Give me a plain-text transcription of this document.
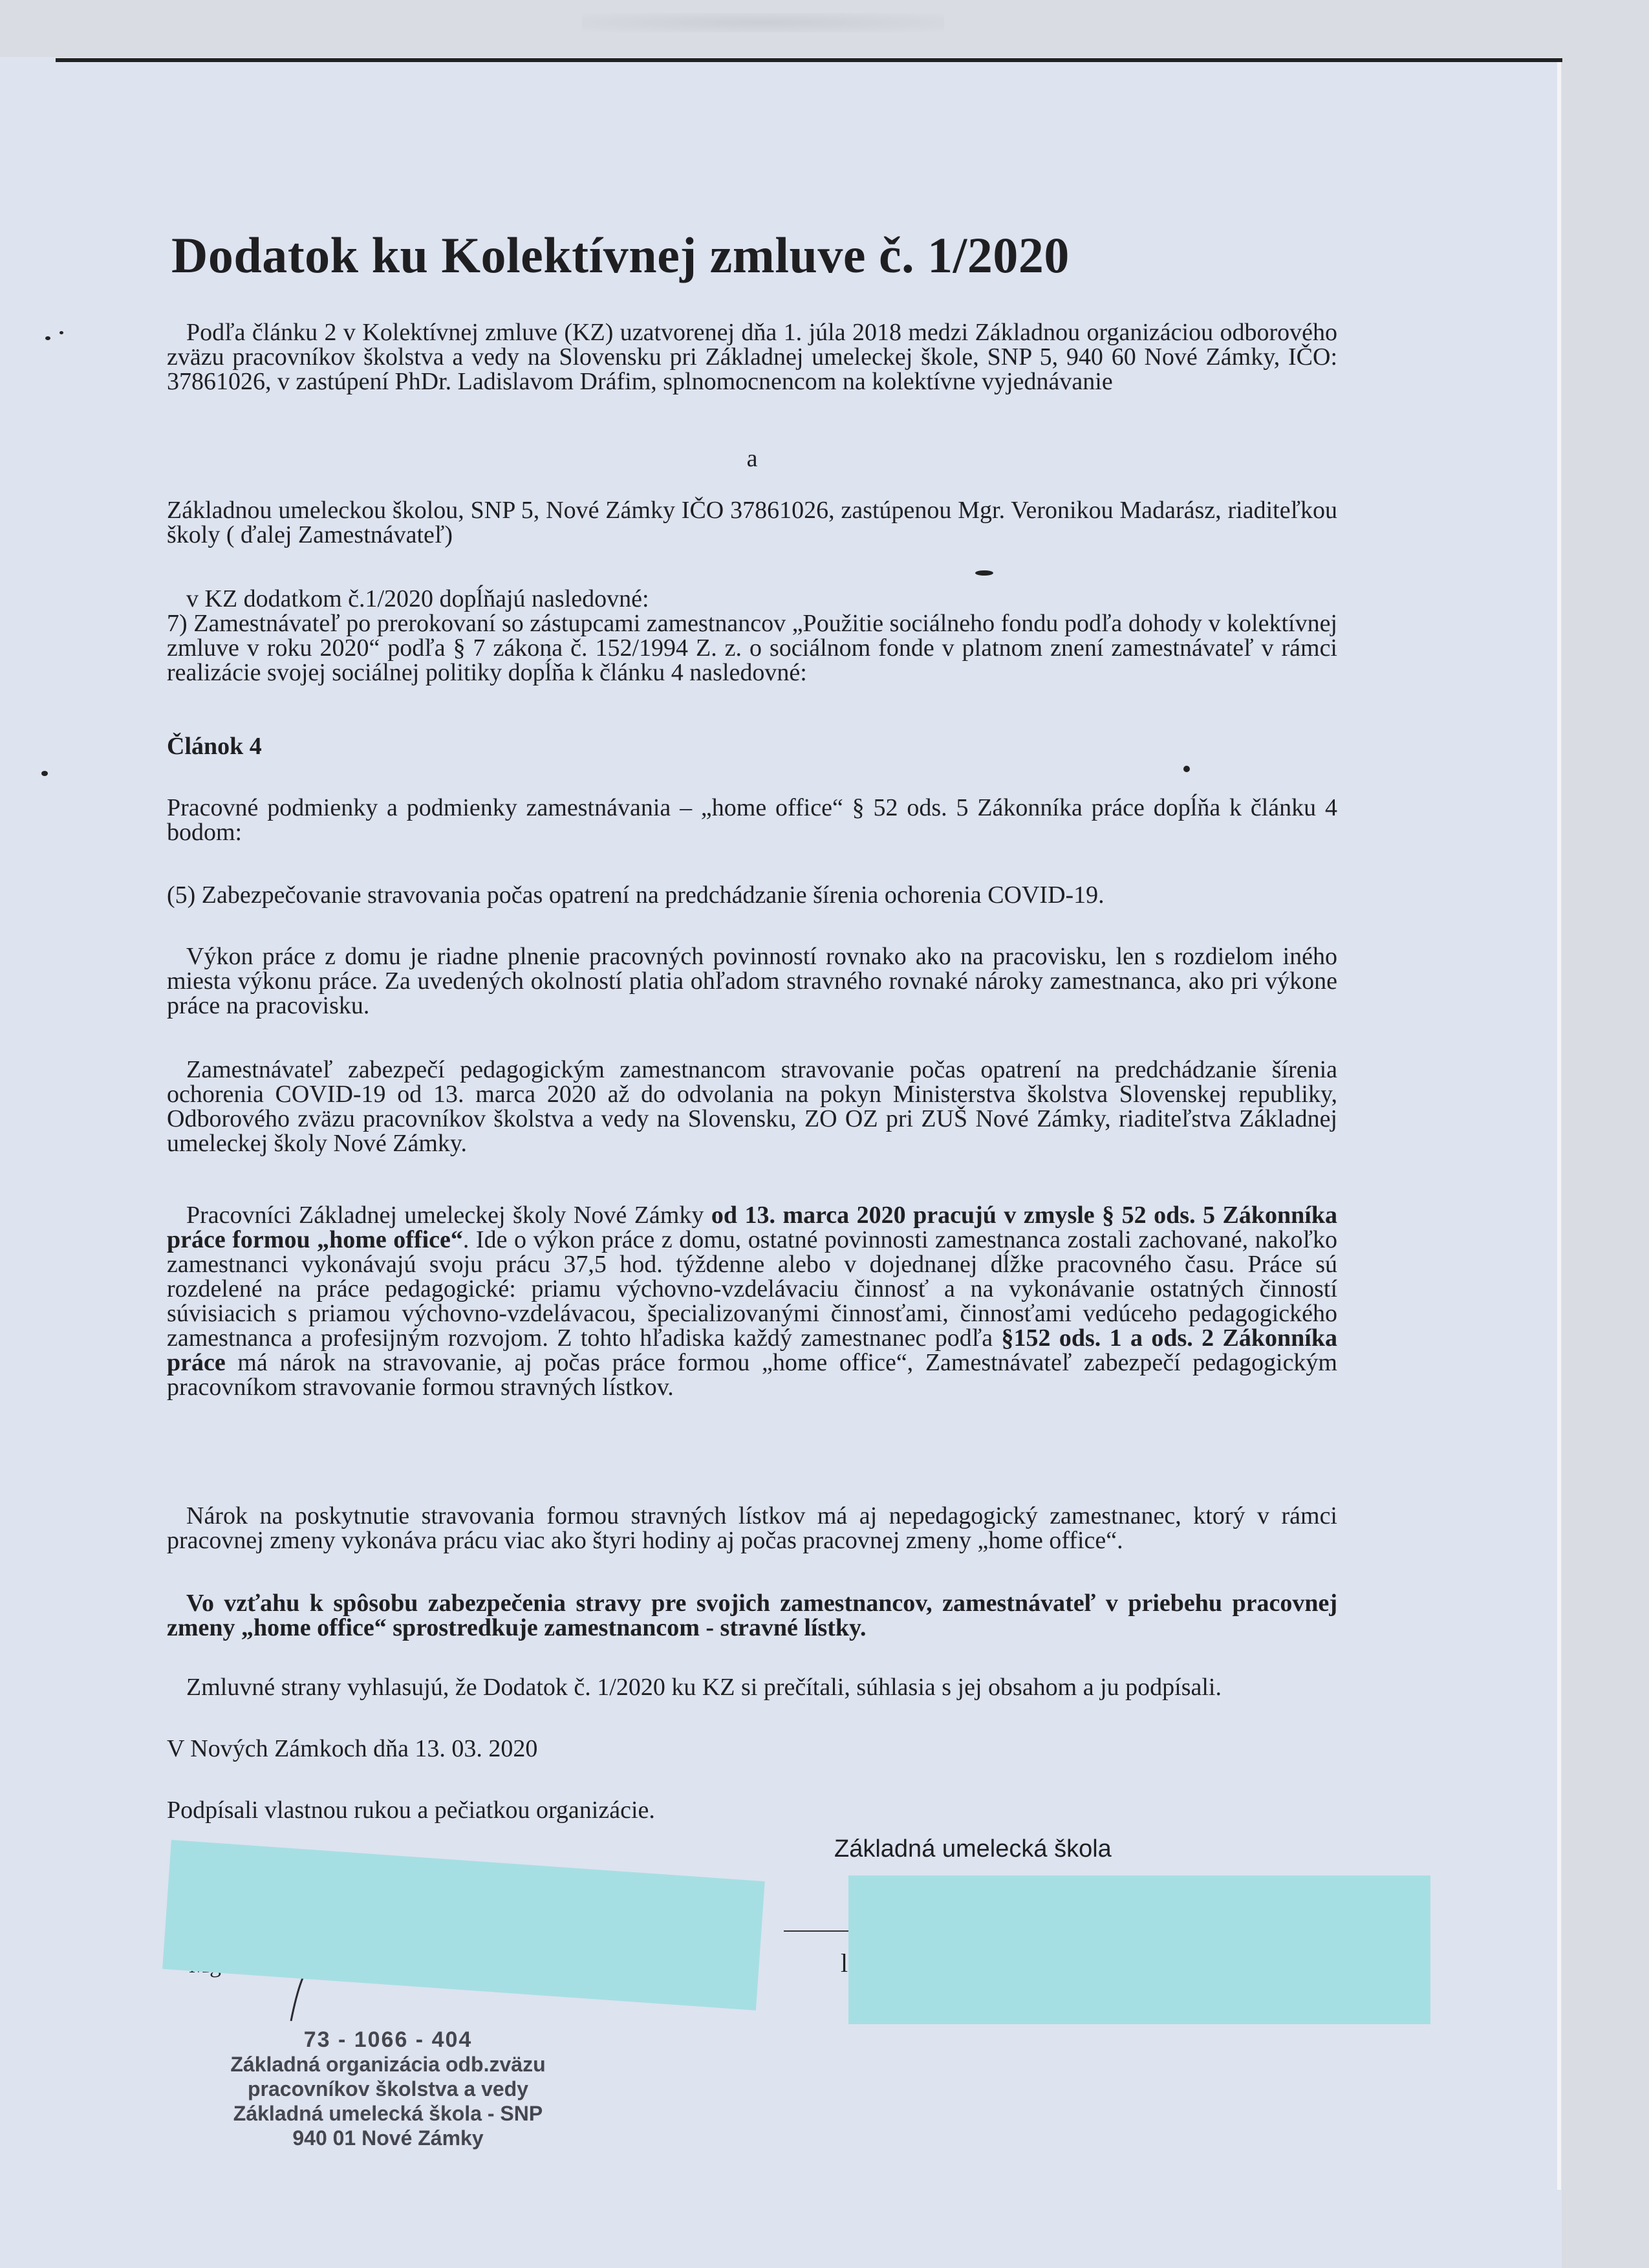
Dodatok ku Kolektívnej zmluve č. 1/2020
Podľa článku 2 v Kolektívnej zmluve (KZ) uzatvorenej dňa 1. júla 2018 medzi Základnou organizáciou odborového zväzu pracovníkov školstva a vedy na Slovensku pri Základnej umeleckej škole, SNP 5, 940 60 Nové Zámky, IČO: 37861026, v zastúpení PhDr. Ladislavom Dráfim, splnomocnencom na kolektívne vyjednávanie
a
Základnou umeleckou školou, SNP 5, Nové Zámky IČO 37861026, zastúpenou Mgr. Veronikou Madarász, riaditeľkou školy ( ďalej Zamestnávateľ)
v KZ dodatkom č.1/2020 dopĺňajú nasledovné:
7) Zamestnávateľ po prerokovaní so zástupcami zamestnancov „Použitie sociálneho fondu podľa dohody v kolektívnej zmluve v roku 2020“ podľa § 7 zákona č. 152/1994 Z. z. o sociálnom fonde v platnom znení zamestnávateľ v rámci realizácie svojej sociálnej politiky dopĺňa k článku 4 nasledovné:
Článok 4
Pracovné podmienky a podmienky zamestnávania – „home office“ § 52 ods. 5 Zákonníka práce dopĺňa k článku 4 bodom:
(5) Zabezpečovanie stravovania počas opatrení na predchádzanie šírenia ochorenia COVID-19.
Výkon práce z domu je riadne plnenie pracovných povinností rovnako ako na pracovisku, len s rozdielom iného miesta výkonu práce. Za uvedených okolností platia ohľadom stravného rovnaké nároky zamestnanca, ako pri výkone práce na pracovisku.
Zamestnávateľ zabezpečí pedagogickým zamestnancom stravovanie počas opatrení na predchádzanie šírenia ochorenia COVID-19 od 13. marca 2020 až do odvolania na pokyn Ministerstva školstva Slovenskej republiky, Odborového zväzu pracovníkov školstva a vedy na Slovensku, ZO OZ pri ZUŠ Nové Zámky, riaditeľstva Základnej umeleckej školy Nové Zámky.
Pracovníci Základnej umeleckej školy Nové Zámky od 13. marca 2020 pracujú v zmysle § 52 ods. 5 Zákonníka práce formou „home office“. Ide o výkon práce z domu, ostatné povinnosti zamestnanca zostali zachované, nakoľko zamestnanci vykonávajú svoju prácu 37,5 hod. týždenne alebo v dojednanej dĺžke pracovného času. Práce sú rozdelené na práce pedagogické: priamu výchovno-vzdelávaciu činnosť a na vykonávanie ostatných činností súvisiacich s priamou výchovno-vzdelávacou, špecializovanými činnosťami, činnosťami vedúceho pedagogického zamestnanca a profesijným rozvojom. Z tohto hľadiska každý zamestnanec podľa §152 ods. 1 a ods. 2 Zákonníka práce má nárok na stravovanie, aj počas práce formou „home office“, Zamestnávateľ zabezpečí pedagogickým pracovníkom stravovanie formou stravných lístkov.
Nárok na poskytnutie stravovania formou stravných lístkov má aj nepedagogický zamestnanec, ktorý v rámci pracovnej zmeny vykonáva prácu viac ako štyri hodiny aj počas pracovnej zmeny „home office“.
Vo vzťahu k spôsobu zabezpečenia stravy pre svojich zamestnancov, zamestnávateľ v priebehu pracovnej zmeny „home office“ sprostredkuje zamestnancom - stravné lístky.
Zmluvné strany vyhlasujú, že Dodatok č. 1/2020 ku KZ si prečítali, súhlasia s jej obsahom a ju podpísali.
V Nových Zámkoch dňa 13. 03. 2020
Podpísali vlastnou rukou a pečiatkou organizácie.
Základná umelecká škola
l

73 - 1066 - 404

Základná organizácia odb.zväzu

pracovníkov školstva a vedy

Základná umelecká škola - SNP

940 01 Nové Zámky
